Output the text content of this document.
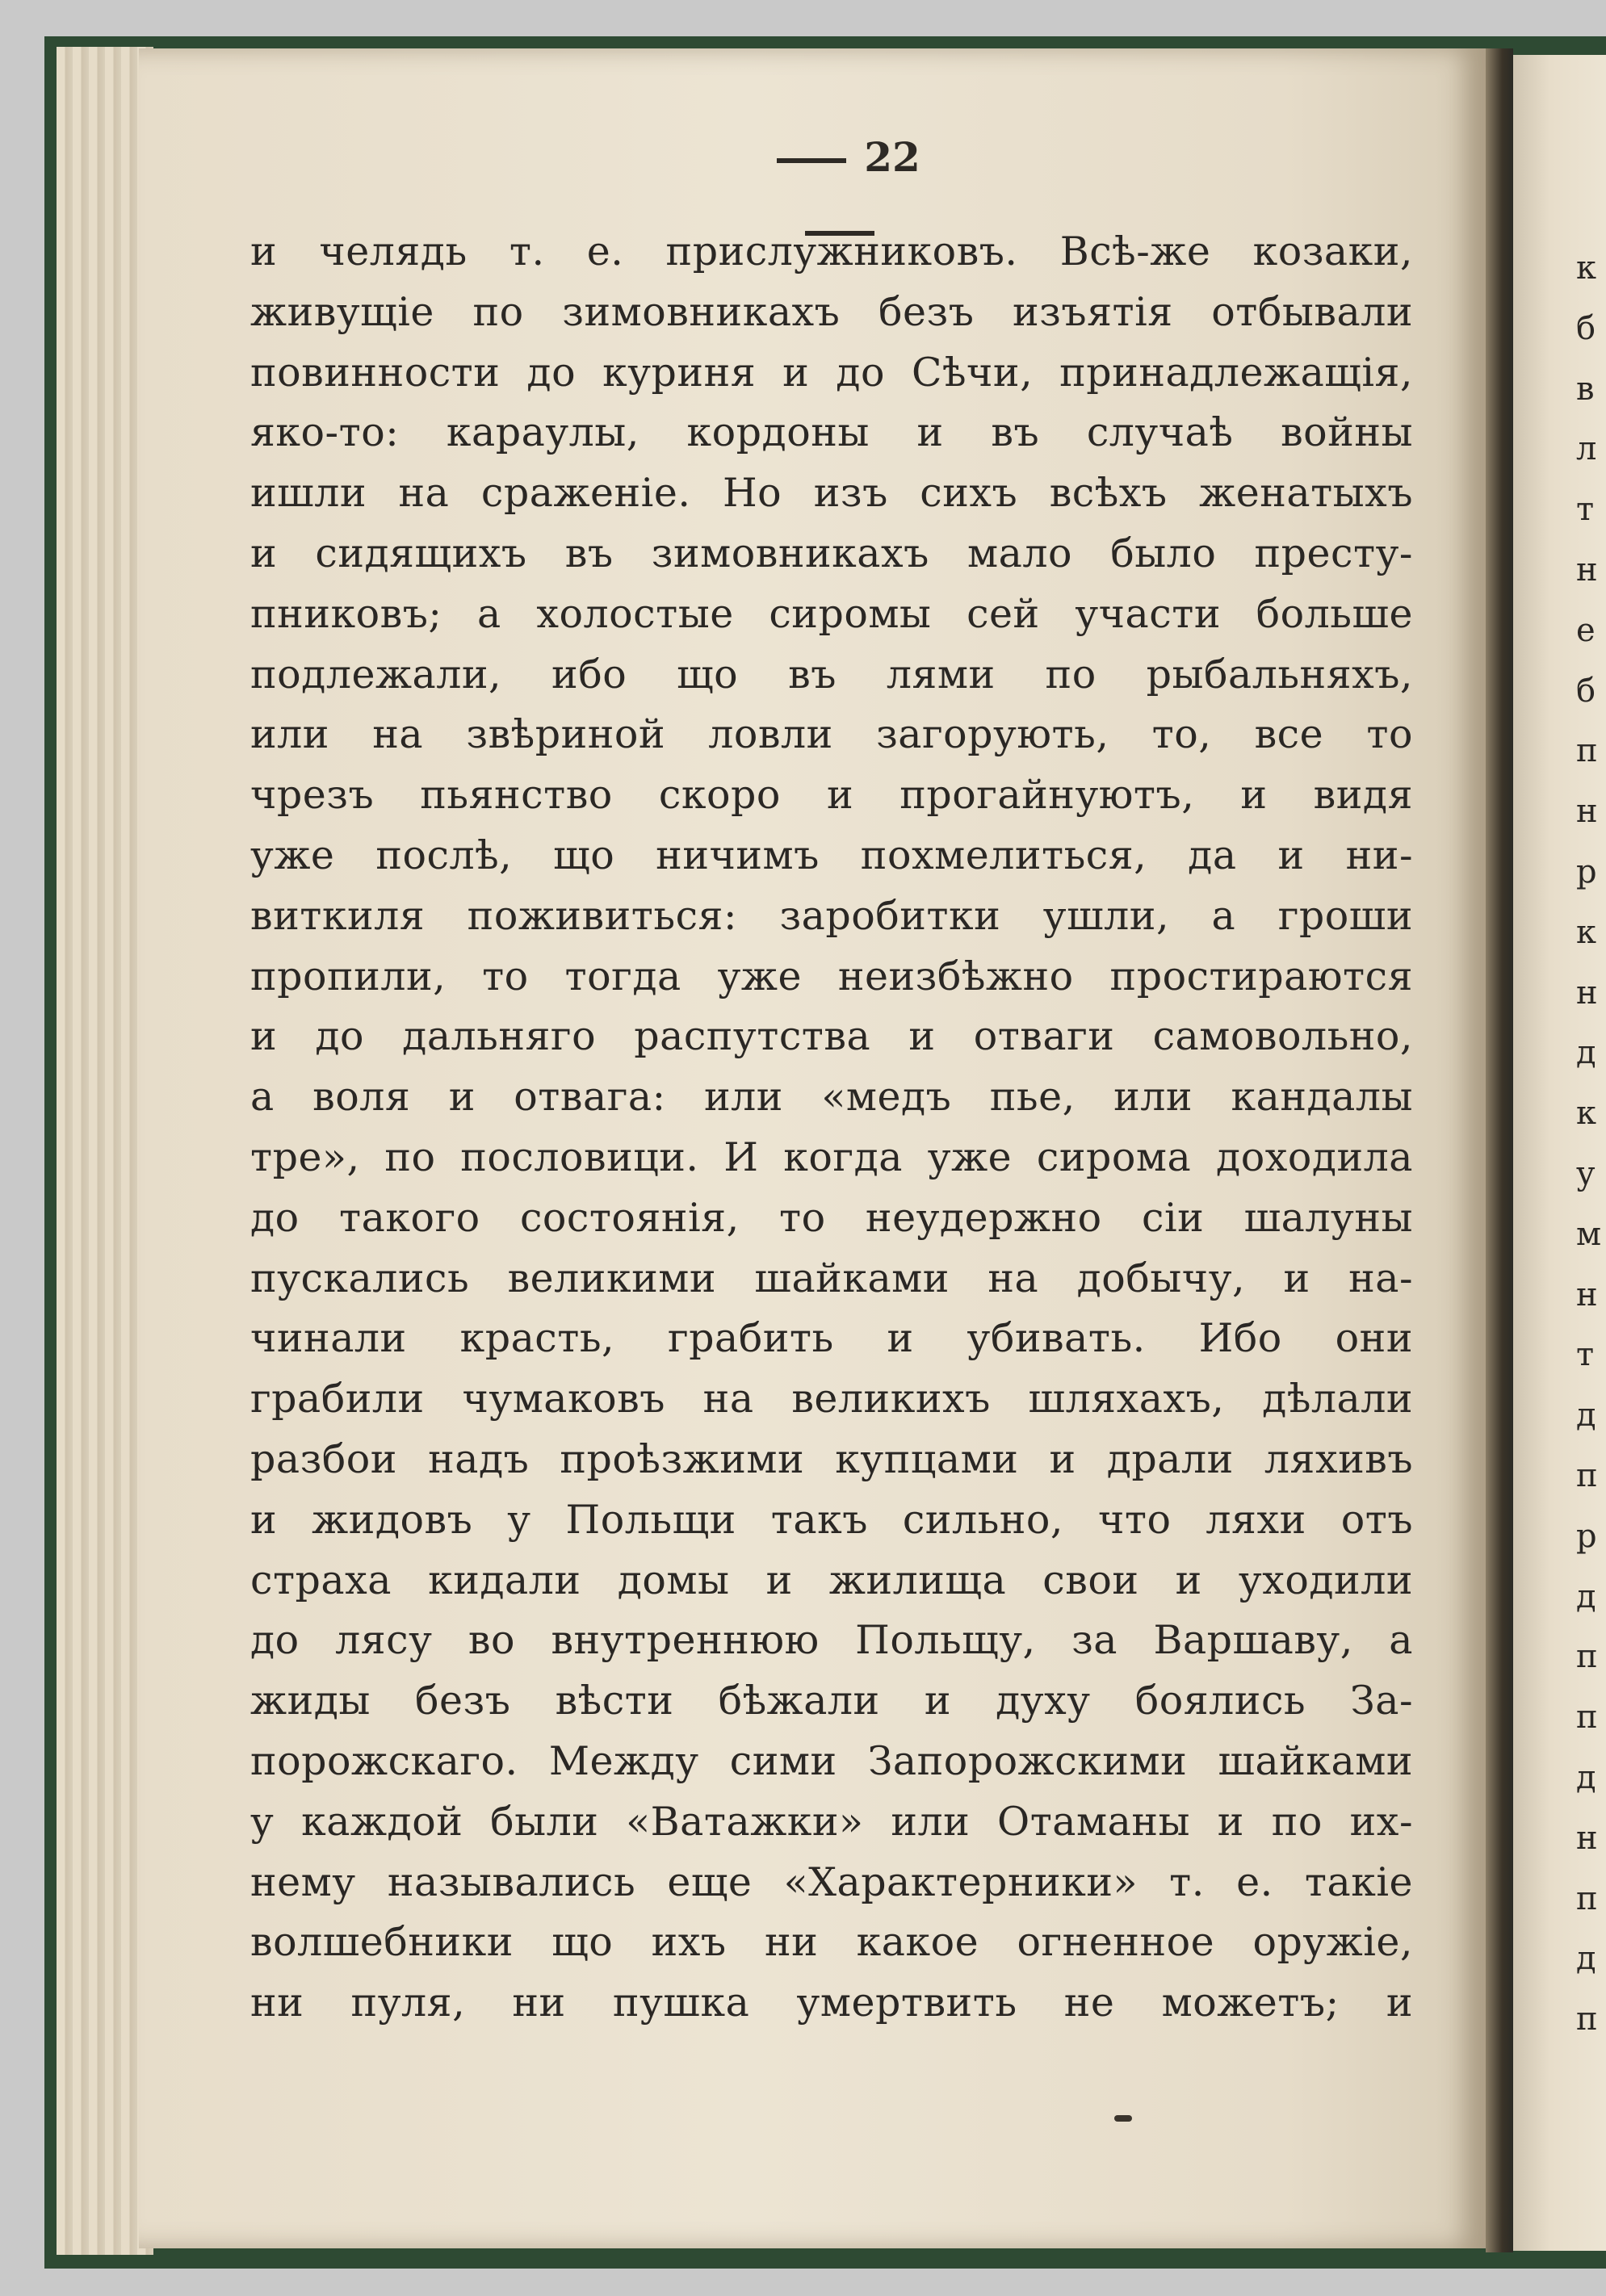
22
и челядь т. е. прислужниковъ. Всѣ-же козаки,
живущіе по зимовникахъ безъ изъятія отбывали
повинности до куриня и до Сѣчи, принадлежащія,
яко-то: караулы, кордоны и въ случаѣ войны
ишли на сраженіе. Но изъ сихъ всѣхъ женатыхъ
и сидящихъ въ зимовникахъ мало было престу-
пниковъ; а холостые сиромы сей участи больше
подлежали, ибо що въ лями по рыбальняхъ,
или на звѣриной ловли загорують, то, все то
чрезъ пьянство скоро и прогайнуютъ, и видя
уже послѣ, що ничимъ похмелиться, да и ни-
виткиля поживиться: заробитки ушли, а гроши
пропили, то тогда уже неизбѣжно простираются
и до дальняго распутства и отваги самовольно,
а воля и отвага: или «медъ пье, или кандалы
тре», по пословици. И когда уже сирома доходила
до такого состоянія, то неудержно сіи шалуны
пускались великими шайками на добычу, и на-
чинали красть, грабить и убивать. Ибо они
грабили чумаковъ на великихъ шляхахъ, дѣлали
разбои надъ проѣзжими купцами и драли ляхивъ
и жидовъ у Польщи такъ сильно, что ляхи отъ
страха кидали домы и жилища свои и уходили
до лясу во внутреннюю Польщу, за Варшаву, а
жиды безъ вѣсти бѣжали и духу боялись За-
порожскаго. Между сими Запорожскими шайками
у каждой были «Ватажки» или Отаманы и по их-
нему назывались еще «Характерники» т. е. такіе
волшебники що ихъ ни какое огненное оружіе,
ни пуля, ни пушка умертвить не можетъ; и
к
б
в
л
т
н
е
б
п
н
р
к
н
д
к
у
м
н
т
д
п
р
д
п
п
д
н
п
д
п
